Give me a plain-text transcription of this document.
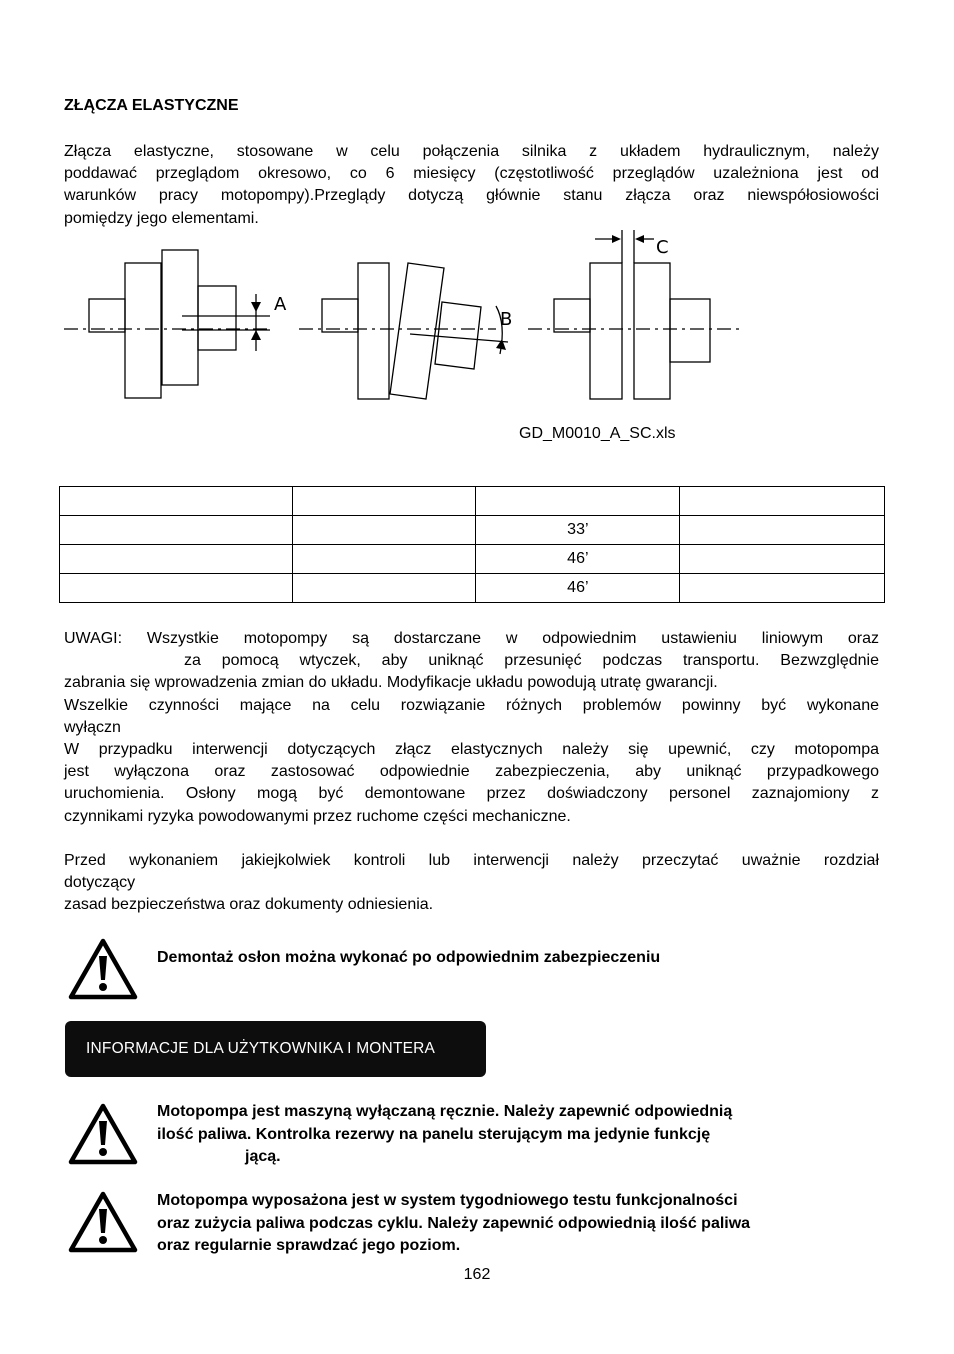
ZŁĄCZA ELASTYCZNE
Złącza elastyczne, stosowane w celu połączenia silnika z układem hydraulicznym, należy
poddawać przeglądom okresowo, co 6 miesięcy (częstotliwość przeglądów uzależniona jest od
warunków pracy motopompy).Przeglądy dotyczą głównie stanu złącza oraz niewspółosiowości
pomiędzy jego elementami.
A
B
C
GD_M0010_A_SC.xls

		33’	
		46’	
		46’	
UWAGI: Wszystkie motopompy są dostarczane w odpowiednim ustawieniu liniowym oraz
za pomocą wtyczek, aby uniknąć przesunięć podczas transportu. Bezwzględnie
zabrania się wprowadzenia zmian do układu. Modyfikacje układu powodują utratę gwarancji.
Wszelkie czynności mające na celu rozwiązanie różnych problemów powinny być wykonane
wyłączn
W przypadku interwencji dotyczących złącz elastycznych należy się upewnić, czy motopompa
jest wyłączona oraz zastosować odpowiednie zabezpieczenia, aby uniknąć przypadkowego
uruchomienia. Osłony mogą być demontowane przez doświadczony personel zaznajomiony z
czynnikami ryzyka powodowanymi przez ruchome części mechaniczne.
Przed wykonaniem jakiejkolwiek kontroli lub interwencji należy przeczytać uważnie rozdział
dotyczący
zasad bezpieczeństwa oraz dokumenty odniesienia.
Demontaż osłon można wykonać po odpowiednim zabezpieczeniu
INFORMACJE DLA UŻYTKOWNIKA I MONTERA
Motopompa jest maszyną wyłączaną ręcznie. Należy zapewnić odpowiednią
ilość paliwa. Kontrolka rezerwy na panelu sterującym ma jedynie funkcję
jącą.
Motopompa wyposażona jest w system tygodniowego testu funkcjonalności
oraz zużycia paliwa podczas cyklu. Należy zapewnić odpowiednią ilość paliwa
oraz regularnie sprawdzać jego poziom.
162
